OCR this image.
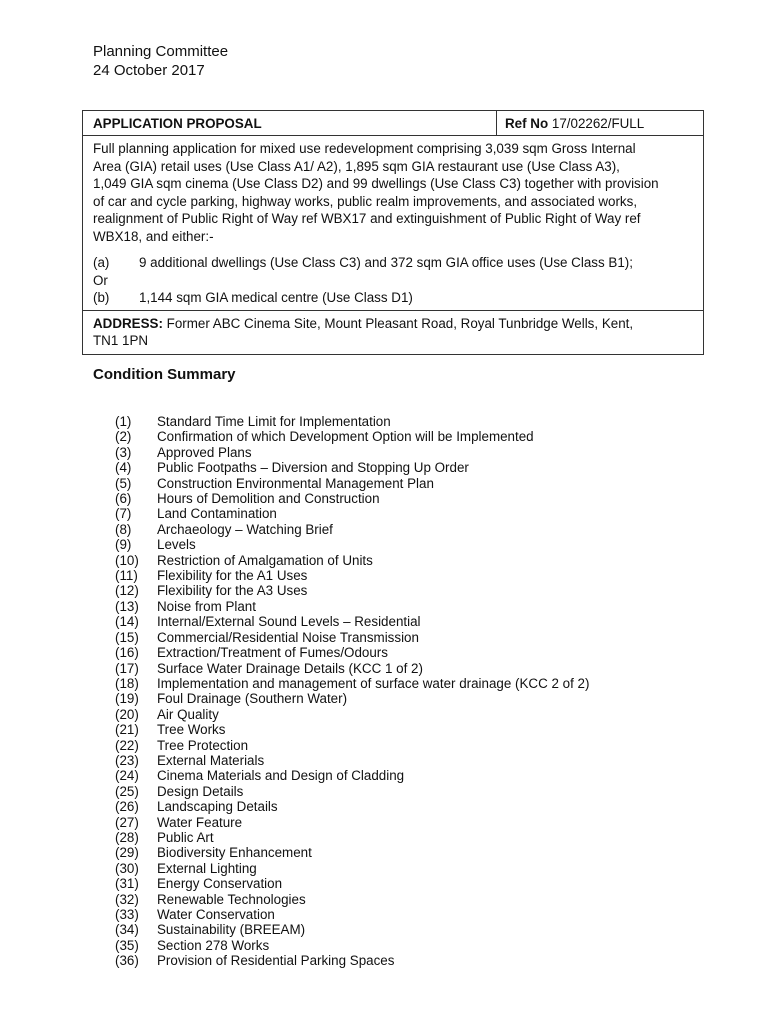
Planning Committee
24 October 2017
APPLICATION PROPOSAL	Ref No 17/02262/FULL

Full planning application for mixed use redevelopment comprising 3,039 sqm Gross Internal

Area (GIA) retail uses (Use Class A1/ A2), 1,895 sqm GIA restaurant use (Use Class A3),

1,049 GIA sqm cinema (Use Class D2) and 99 dwellings (Use Class C3) together with provision

of car and cycle parking, highway works, public realm improvements, and associated works,

realignment of Public Right of Way ref WBX17 and extinguishment of Public Right of Way ref

WBX18, and either:-

(a)	9 additional dwellings (Use Class C3) and 372 sqm GIA office uses (Use Class B1);
Or
(b)	1,144 sqm GIA medical centre (Use Class D1)
ADDRESS: Former ABC Cinema Site, Mount Pleasant Road, Royal Tunbridge Wells, Kent,
TN1 1PN
Condition Summary
(1)	Standard Time Limit for Implementation
(2)	Confirmation of which Development Option will be Implemented
(3)	Approved Plans
(4)	Public Footpaths – Diversion and Stopping Up Order
(5)	Construction Environmental Management Plan
(6)	Hours of Demolition and Construction
(7)	Land Contamination
(8)	Archaeology – Watching Brief
(9)	Levels
(10)	Restriction of Amalgamation of Units
(11)	Flexibility for the A1 Uses
(12)	Flexibility for the A3 Uses
(13)	Noise from Plant
(14)	Internal/External Sound Levels – Residential
(15)	Commercial/Residential Noise Transmission
(16)	Extraction/Treatment of Fumes/Odours
(17)	Surface Water Drainage Details (KCC 1 of 2)
(18)	Implementation and management of surface water drainage (KCC 2 of 2)
(19)	Foul Drainage (Southern Water)
(20)	Air Quality
(21)	Tree Works
(22)	Tree Protection
(23)	External Materials
(24)	Cinema Materials and Design of Cladding
(25)	Design Details
(26)	Landscaping Details
(27)	Water Feature
(28)	Public Art
(29)	Biodiversity Enhancement
(30)	External Lighting
(31)	Energy Conservation
(32)	Renewable Technologies
(33)	Water Conservation
(34)	Sustainability (BREEAM)
(35)	Section 278 Works
(36)	Provision of Residential Parking Spaces
